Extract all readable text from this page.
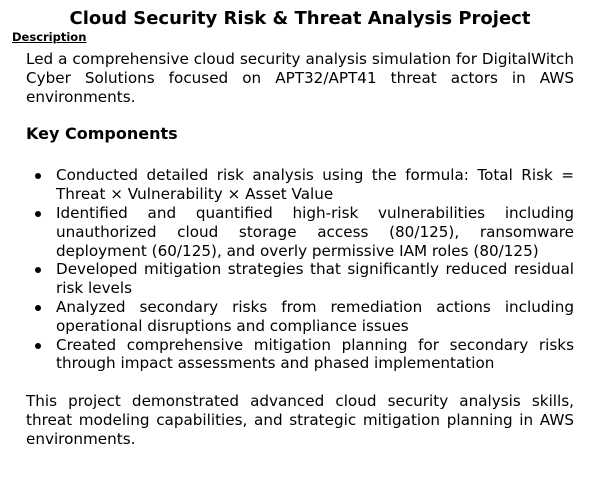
Cloud Security Risk & Threat Analysis Project
Description

Led a comprehensive cloud security analysis simulation for DigitalWitch Cyber Solutions focused on APT32/APT41 threat actors in AWS environments.

Key Components
Conducted detailed risk analysis using the formula: Total Risk = Threat × Vulnerability × Asset Value
Identified and quantified high-risk vulnerabilities including unauthorized cloud storage access (80/125), ransomware deployment (60/125), and overly permissive IAM roles (80/125)
Developed mitigation strategies that significantly reduced residual risk levels
Analyzed secondary risks from remediation actions including operational disruptions and compliance issues
Created comprehensive mitigation planning for secondary risks through impact assessments and phased implementation

This project demonstrated advanced cloud security analysis skills, threat modeling capabilities, and strategic mitigation planning in AWS environments.
